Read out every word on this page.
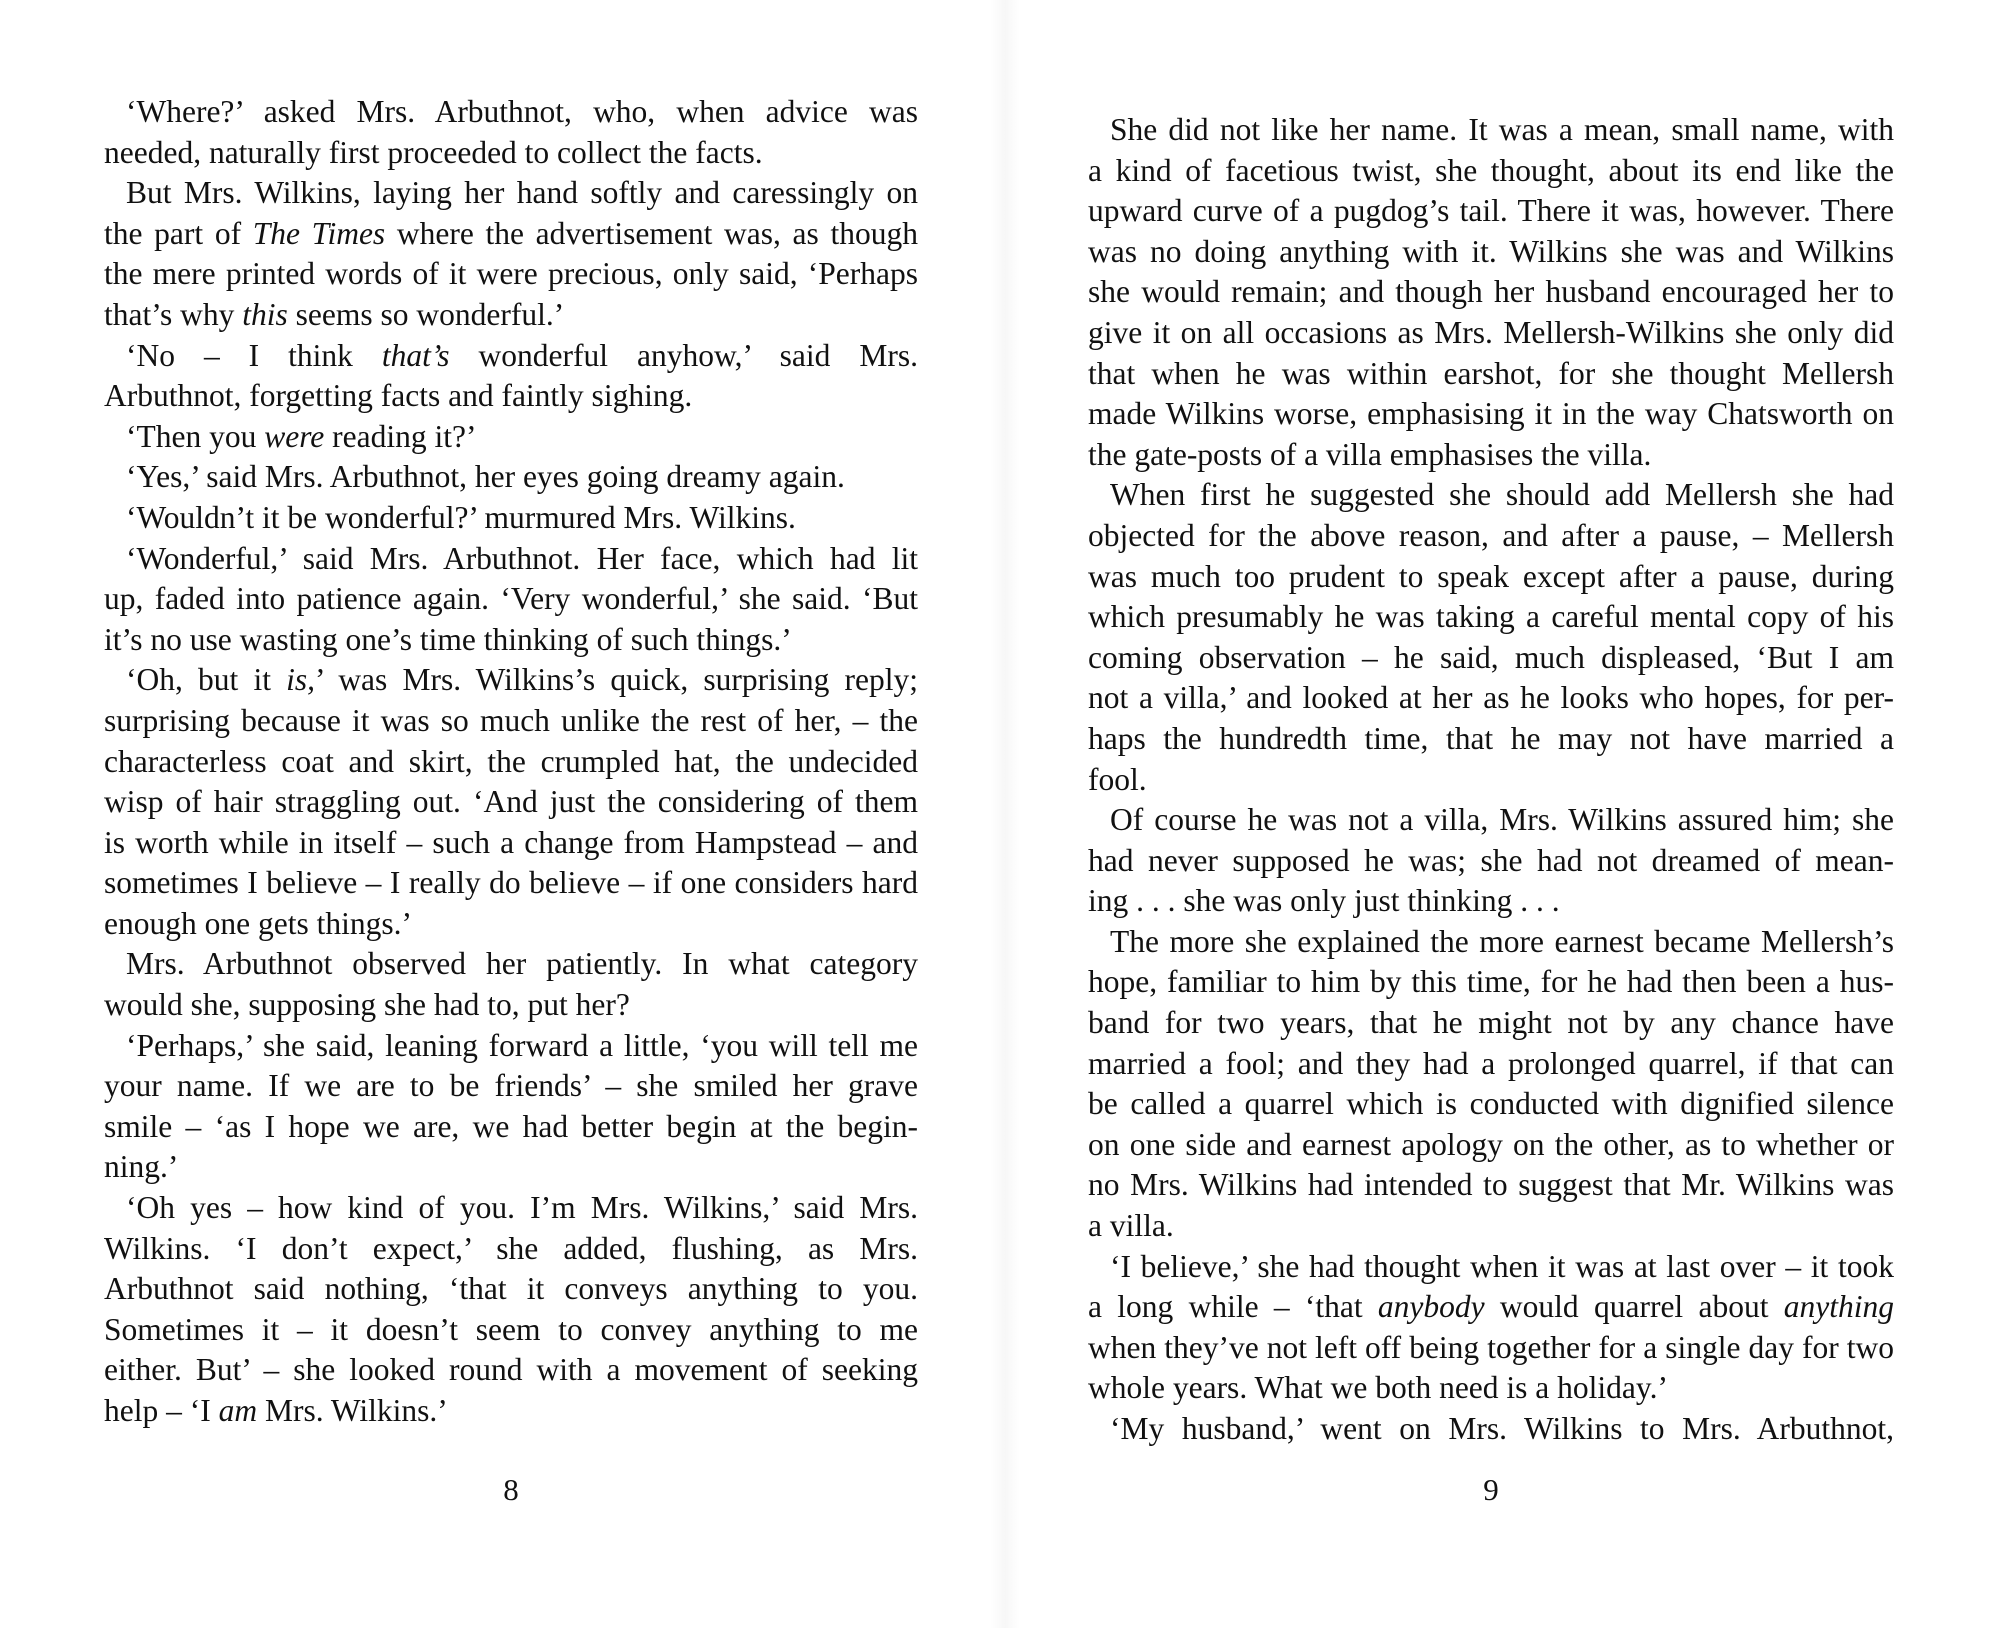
‘Where?’ asked Mrs. Arbuthnot, who, when advice was
needed, naturally first proceeded to collect the facts.
But Mrs. Wilkins, laying her hand softly and caressingly on
the part of The Times where the advertisement was, as though
the mere printed words of it were precious, only said, ‘Perhaps
that’s why this seems so wonderful.’
‘No – I think that’s wonderful anyhow,’ said Mrs.
Arbuthnot, forgetting facts and faintly sighing.
‘Then you were reading it?’
‘Yes,’ said Mrs. Arbuthnot, her eyes going dreamy again.
‘Wouldn’t it be wonderful?’ murmured Mrs. Wilkins.
‘Wonderful,’ said Mrs. Arbuthnot. Her face, which had lit
up, faded into patience again. ‘Very wonderful,’ she said. ‘But
it’s no use wasting one’s time thinking of such things.’
‘Oh, but it is,’ was Mrs. Wilkins’s quick, surprising reply;
surprising because it was so much unlike the rest of her, – the
characterless coat and skirt, the crumpled hat, the undecided
wisp of hair straggling out. ‘And just the considering of them
is worth while in itself – such a change from Hampstead – and
sometimes I believe – I really do believe – if one considers hard
enough one gets things.’
Mrs. Arbuthnot observed her patiently. In what category
would she, supposing she had to, put her?
‘Perhaps,’ she said, leaning forward a little, ‘you will tell me
your name. If we are to be friends’ – she smiled her grave
smile – ‘as I hope we are, we had better begin at the begin-
ning.’
‘Oh yes – how kind of you. I’m Mrs. Wilkins,’ said Mrs.
Wilkins. ‘I don’t expect,’ she added, flushing, as Mrs.
Arbuthnot said nothing, ‘that it conveys anything to you.
Sometimes it – it doesn’t seem to convey anything to me
either. But’ – she looked round with a movement of seeking
help – ‘I am Mrs. Wilkins.’
8
She did not like her name. It was a mean, small name, with
a kind of facetious twist, she thought, about its end like the
upward curve of a pugdog’s tail. There it was, however. There
was no doing anything with it. Wilkins she was and Wilkins
she would remain; and though her husband encouraged her to
give it on all occasions as Mrs. Mellersh-Wilkins she only did
that when he was within earshot, for she thought Mellersh
made Wilkins worse, emphasising it in the way Chatsworth on
the gate-posts of a villa emphasises the villa.
When first he suggested she should add Mellersh she had
objected for the above reason, and after a pause, – Mellersh
was much too prudent to speak except after a pause, during
which presumably he was taking a careful mental copy of his
coming observation – he said, much displeased, ‘But I am
not a villa,’ and looked at her as he looks who hopes, for per-
haps the hundredth time, that he may not have married a
fool.
Of course he was not a villa, Mrs. Wilkins assured him; she
had never supposed he was; she had not dreamed of mean-
ing . . . she was only just thinking . . .
The more she explained the more earnest became Mellersh’s
hope, familiar to him by this time, for he had then been a hus-
band for two years, that he might not by any chance have
married a fool; and they had a prolonged quarrel, if that can
be called a quarrel which is conducted with dignified silence
on one side and earnest apology on the other, as to whether or
no Mrs. Wilkins had intended to suggest that Mr. Wilkins was
a villa.
‘I believe,’ she had thought when it was at last over – it took
a long while – ‘that anybody would quarrel about anything
when they’ve not left off being together for a single day for two
whole years. What we both need is a holiday.’
‘My husband,’ went on Mrs. Wilkins to Mrs. Arbuthnot,
9
